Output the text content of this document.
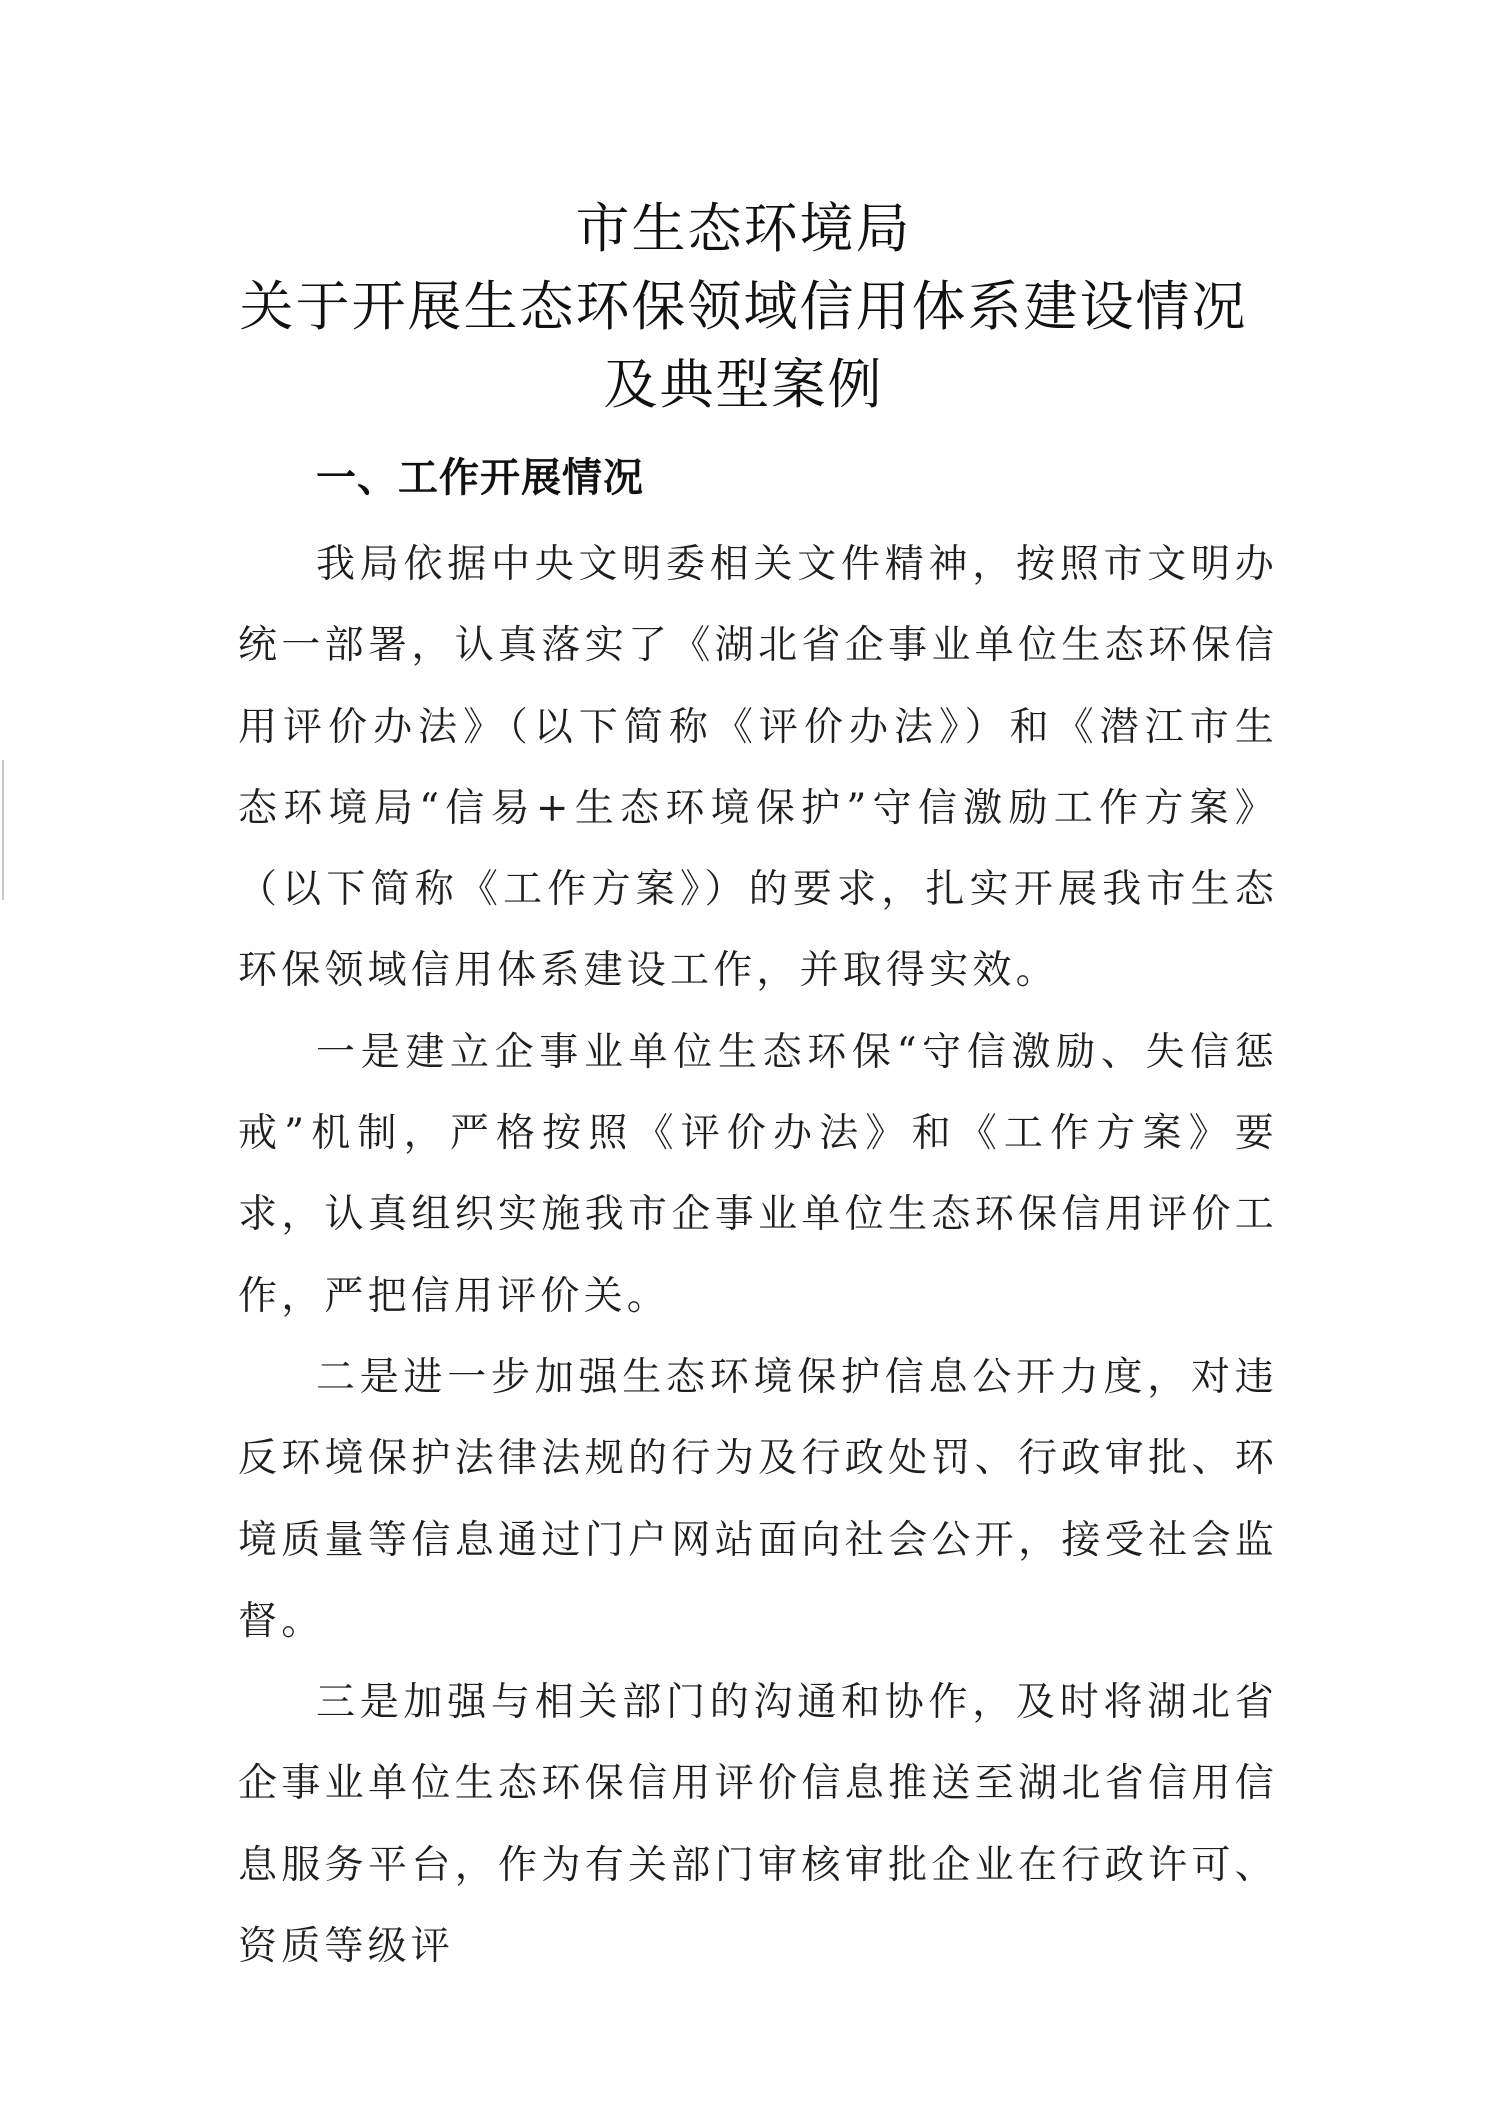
市生态环境局
关于开展生态环保领域信用体系建设情况
及典型案例
一、工作开展情况

我局依据中央文明委相关文件精神，按照市文明办统一部署，认真落实了《湖北省企事业单位生态环保信用评价办法》（以下简称《评价办法》）和《潜江市生态环境局“信易+生态环境保护”守信激励工作方案》（以下简称《工作方案》）的要求，扎实开展我市生态环保领域信用体系建设工作，并取得实效。

一是建立企事业单位生态环保“守信激励、失信惩戒”机制，严格按照《评价办法》和《工作方案》要求，认真组织实施我市企事业单位生态环保信用评价工作，严把信用评价关。

二是进一步加强生态环境保护信息公开力度，对违反环境保护法律法规的行为及行政处罚、行政审批、环境质量等信息通过门户网站面向社会公开，接受社会监督。

三是加强与相关部门的沟通和协作，及时将湖北省企事业单位生态环保信用评价信息推送至湖北省信用信息服务平台，作为有关部门审核审批企业在行政许可、资质等级评
